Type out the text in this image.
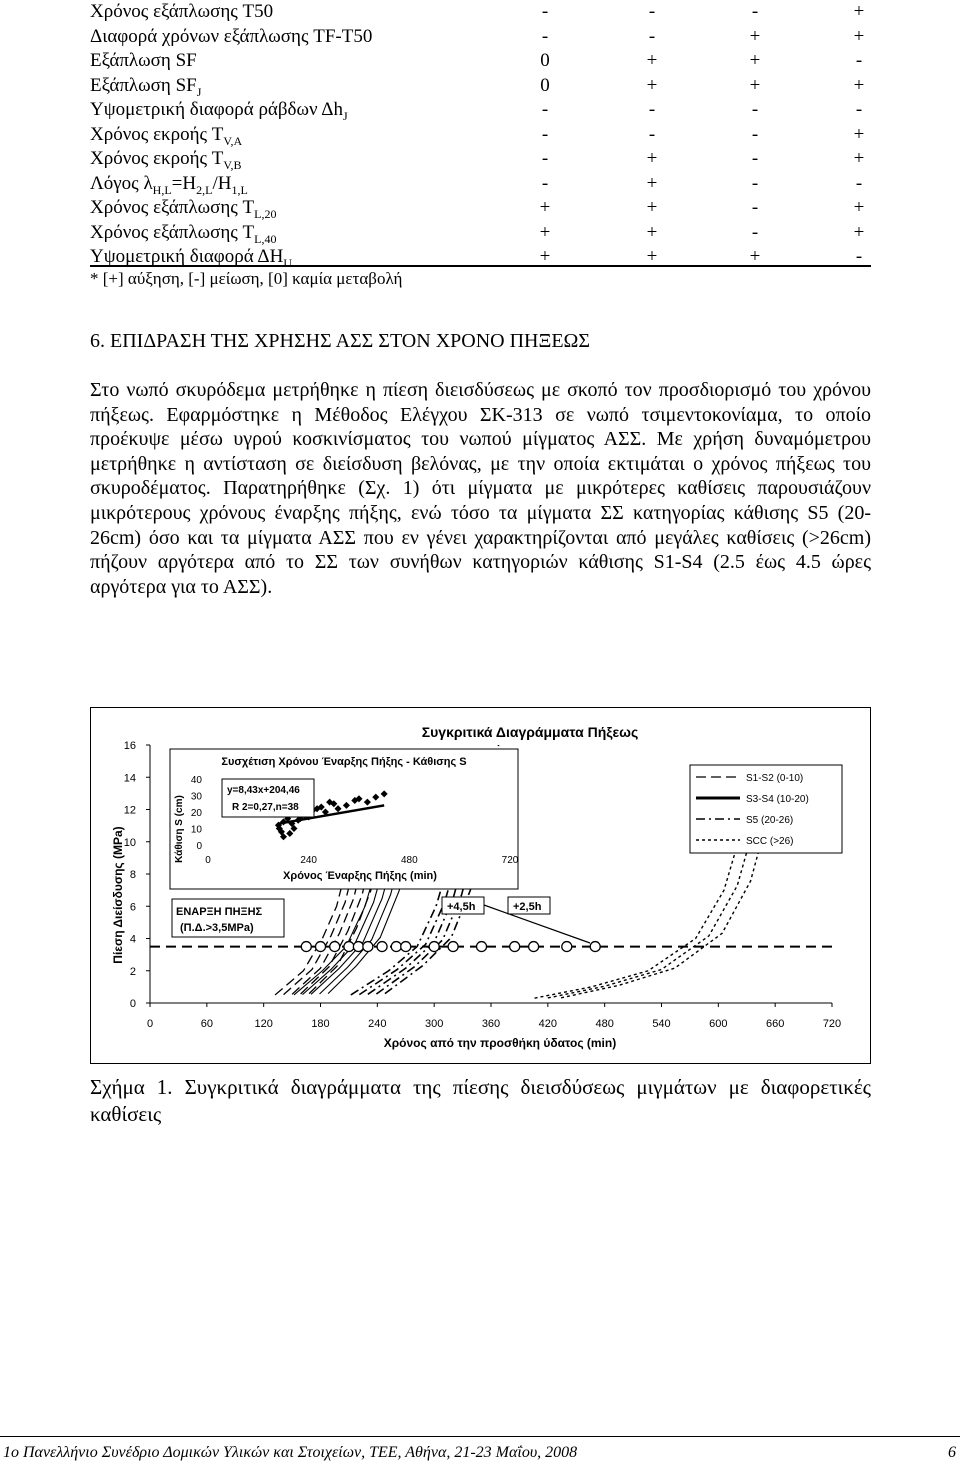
Χρόνος εξάπλωσης T50	-	-	-	+
Διαφορά χρόνων εξάπλωσης TF-T50	-	-	+	+
Εξάπλωση SF	0	+	+	-
Εξάπλωση $SF_J$	0	+	+	+
Υψομετρική διαφορά ράβδων $\Delta h_J$	-	-	-	-
Χρόνος εκροής $T_{V,A}$	-	-	-	+
Χρόνος εκροής $T_{V,B}$	-	+	-	+
Λόγος $\lambda_{H,L}=H_{2,L}/H_{1,L}$	-	+	-	-
Χρόνος εξάπλωσης $T_{L,20}$	+	+	-	+
Χρόνος εξάπλωσης $T_{L,40}$	+	+	-	+
Υψομετρική διαφορά $\Delta H_U$	+	+	+	-
* [+] αύξηση, [-] μείωση, [0] καμία μεταβολή
6. ΕΠΙΔΡΑΣΗ ΤΗΣ ΧΡΗΣΗΣ ΑΣΣ ΣΤΟΝ ΧΡΟΝΟ ΠΗΞΕΩΣ

Στο νωπό σκυρόδεμα μετρήθηκε η πίεση διεισδύσεως με σκοπό τον προσδιορισμό του χρόνου πήξεως. Εφαρμόστηκε η Μέθοδος Ελέγχου ΣΚ-313 σε νωπό τσιμεντοκονίαμα, το οποίο προέκυψε μέσω υγρού κοσκινίσματος του νωπού μίγματος ΑΣΣ. Με χρήση δυναμόμετρου μετρήθηκε η αντίσταση σε διείσδυση βελόνας, με την οποία εκτιμάται ο χρόνος πήξεως του σκυροδέματος. Παρατηρήθηκε (Σχ. 1) ότι μίγματα με μικρότερες καθίσεις παρουσιάζουν μικρότερους χρόνους έναρξης πήξης, ενώ τόσο τα μίγματα ΣΣ κατηγορίας κάθισης S5 (20-26cm) όσο και τα μίγματα ΑΣΣ που εν γένει χαρακτηρίζονται από μεγάλες καθίσεις (>26cm) πήζουν αργότερα από το ΣΣ των συνήθων κατηγοριών κάθισης S1-S4 (2.5 έως 4.5 ώρες αργότερα για το ΑΣΣ).

Συγκριτικά Διαγράμματα Πήξεως
Πίεση Διείσδυσης (MPa)
Χρόνος από την προσθήκη ύδατος (min)
0	60	120	180	240	300	360	420	480	540	600	660	720
0
2
4
6
8
10
12
14
16
Συσχέτιση Χρόνου Έναρξης Πήξης - Κάθισης S
Κάθιση S (cm)
Χρόνος Έναρξης Πήξης (min)
0
10
20
30
40
0	240	480	720
y=8,43x+204,46
R 2=0,27,n=38
S1-S2 (0-10)
S3-S4 (10-20)
S5 (20-26)
SCC (>26)
ΕΝΑΡΞΗ ΠΗΞΗΣ
(Π.Δ.>3,5MPa)
+4,5h	+2,5h
Σχήμα 1. Συγκριτικά διαγράμματα της πίεσης διεισδύσεως μιγμάτων με διαφορετικές καθίσεις
1ο Πανελλήνιο Συνέδριο Δομικών Υλικών και Στοιχείων, ΤΕΕ, Αθήνα, 21-23 Μαΐου, 2008	6
